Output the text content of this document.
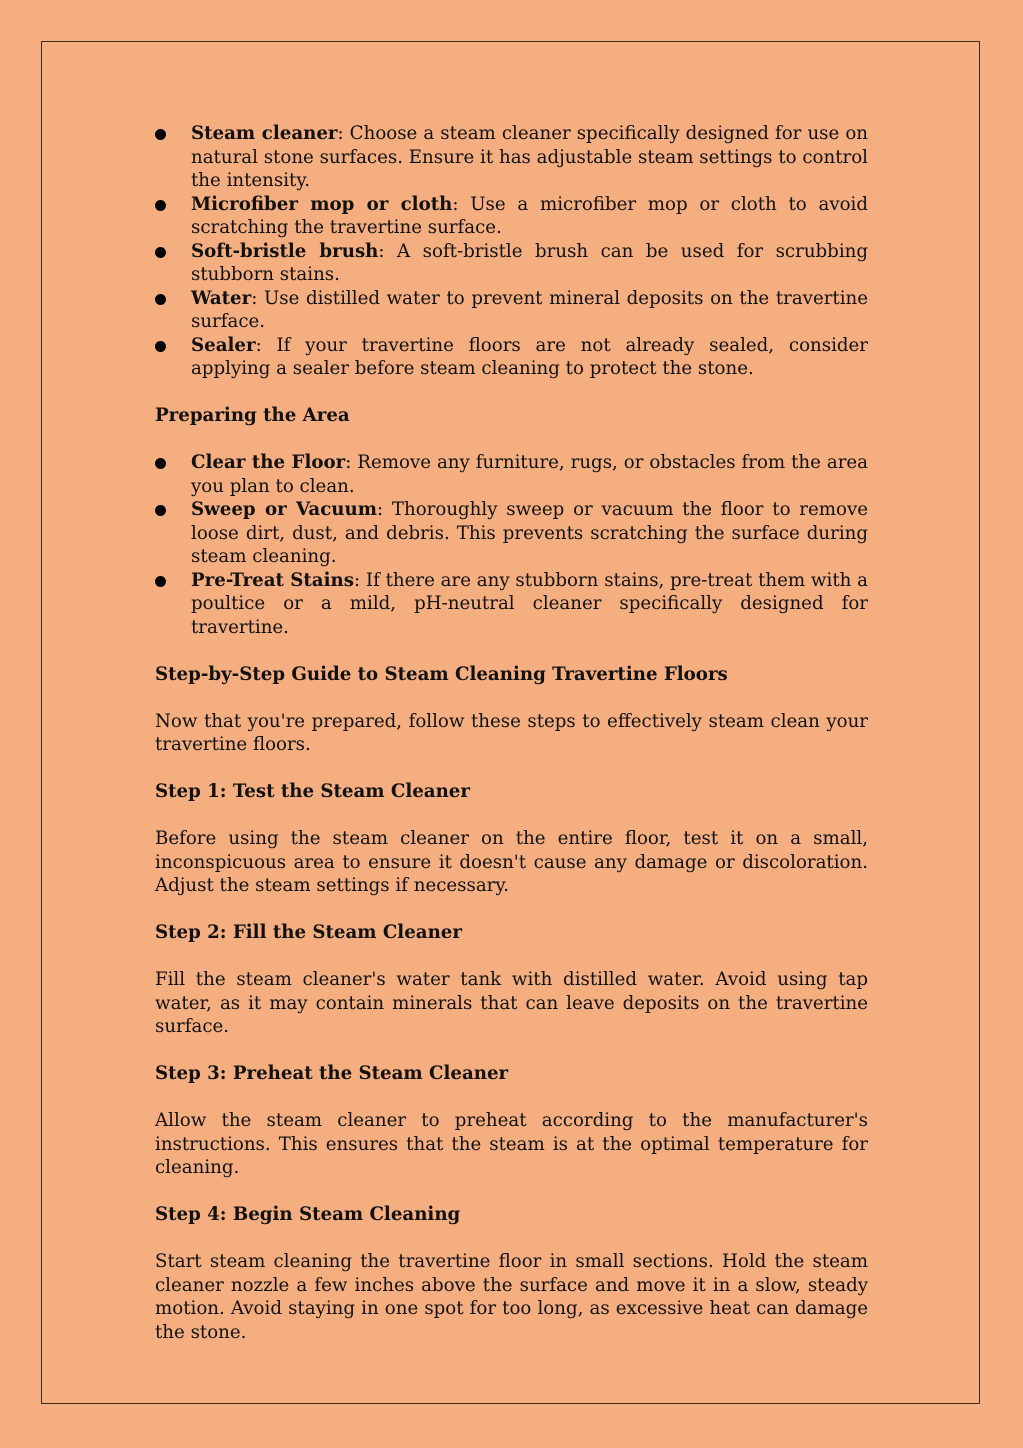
Steam cleaner: Choose a steam cleaner specifically designed for use on natural stone surfaces. Ensure it has adjustable steam settings to control the intensity.
Microfiber mop or cloth: Use a microfiber mop or cloth to avoid scratching the travertine surface.
Soft-bristle brush: A soft-bristle brush can be used for scrubbing stubborn stains.
Water: Use distilled water to prevent mineral deposits on the travertine surface.
Sealer: If your travertine floors are not already sealed, consider applying a sealer before steam cleaning to protect the stone.
Preparing the Area
Clear the Floor: Remove any furniture, rugs, or obstacles from the area you plan to clean.
Sweep or Vacuum: Thoroughly sweep or vacuum the floor to remove loose dirt, dust, and debris. This prevents scratching the surface during steam cleaning.
Pre-Treat Stains: If there are any stubborn stains, pre-treat them with a poultice or a mild, pH-neutral cleaner specifically designed for travertine.
Step-by-Step Guide to Steam Cleaning Travertine Floors

Now that you're prepared, follow these steps to effectively steam clean your travertine floors.

Step 1: Test the Steam Cleaner

Before using the steam cleaner on the entire floor, test it on a small, inconspicuous area to ensure it doesn't cause any damage or discoloration. Adjust the steam settings if necessary.

Step 2: Fill the Steam Cleaner

Fill the steam cleaner's water tank with distilled water. Avoid using tap water, as it may contain minerals that can leave deposits on the travertine surface.

Step 3: Preheat the Steam Cleaner

Allow the steam cleaner to preheat according to the manufacturer's instructions. This ensures that the steam is at the optimal temperature for cleaning.

Step 4: Begin Steam Cleaning

Start steam cleaning the travertine floor in small sections. Hold the steam cleaner nozzle a few inches above the surface and move it in a slow, steady motion. Avoid staying in one spot for too long, as excessive heat can damage the stone.
